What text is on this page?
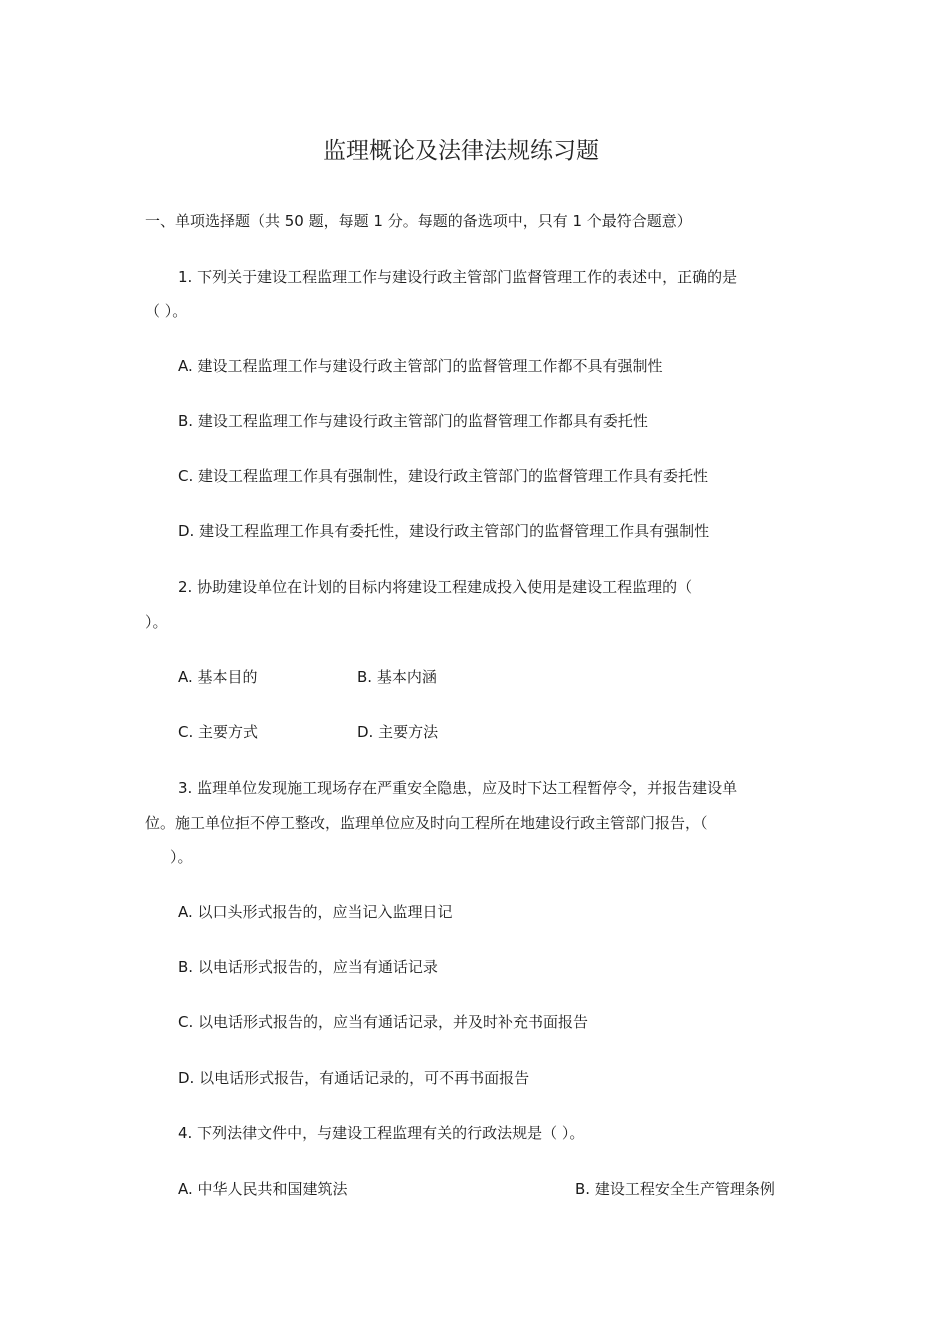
监理概论及法律法规练习题
一、单项选择题（共 50 题，每题 1 分。每题的备选项中，只有 1 个最符合题意）
1. 下列关于建设工程监理工作与建设行政主管部门监督管理工作的表述中，正确的是
（ ）。
A. 建设工程监理工作与建设行政主管部门的监督管理工作都不具有强制性
B. 建设工程监理工作与建设行政主管部门的监督管理工作都具有委托性
C. 建设工程监理工作具有强制性，建设行政主管部门的监督管理工作具有委托性
D. 建设工程监理工作具有委托性，建设行政主管部门的监督管理工作具有强制性
2. 协助建设单位在计划的目标内将建设工程建成投入使用是建设工程监理的（
）。
A. 基本目的	B. 基本内涵
C. 主要方式	D. 主要方法
3. 监理单位发现施工现场存在严重安全隐患，应及时下达工程暂停令，并报告建设单
位。施工单位拒不停工整改，监理单位应及时向工程所在地建设行政主管部门报告，（
）。
A. 以口头形式报告的，应当记入监理日记
B. 以电话形式报告的，应当有通话记录
C. 以电话形式报告的，应当有通话记录，并及时补充书面报告
D. 以电话形式报告，有通话记录的，可不再书面报告
4. 下列法律文件中，与建设工程监理有关的行政法规是（ ）。
A. 中华人民共和国建筑法	B. 建设工程安全生产管理条例
